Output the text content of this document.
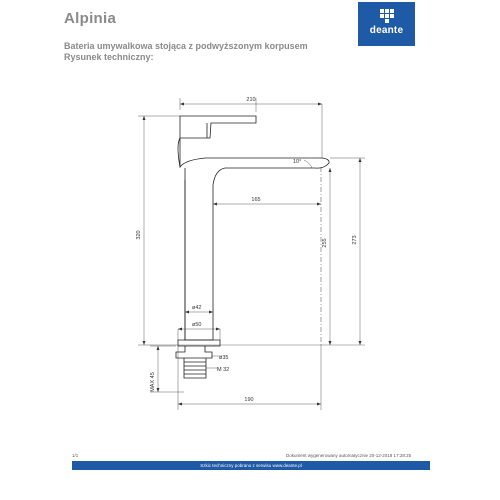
Alpinia
Bateria umywalkowa stojąca z podwyższonym korpusem
Rysunek techniczny:
deante
210
10°
165
320
255	273
ø42
ø50
ø35
M 32
MAX 45
190
1/1	Dokument wygenerowany automatycznie 20-12-2018 17:28:25
Szkic techniczny pobrano z serwisu www.deante.pl
